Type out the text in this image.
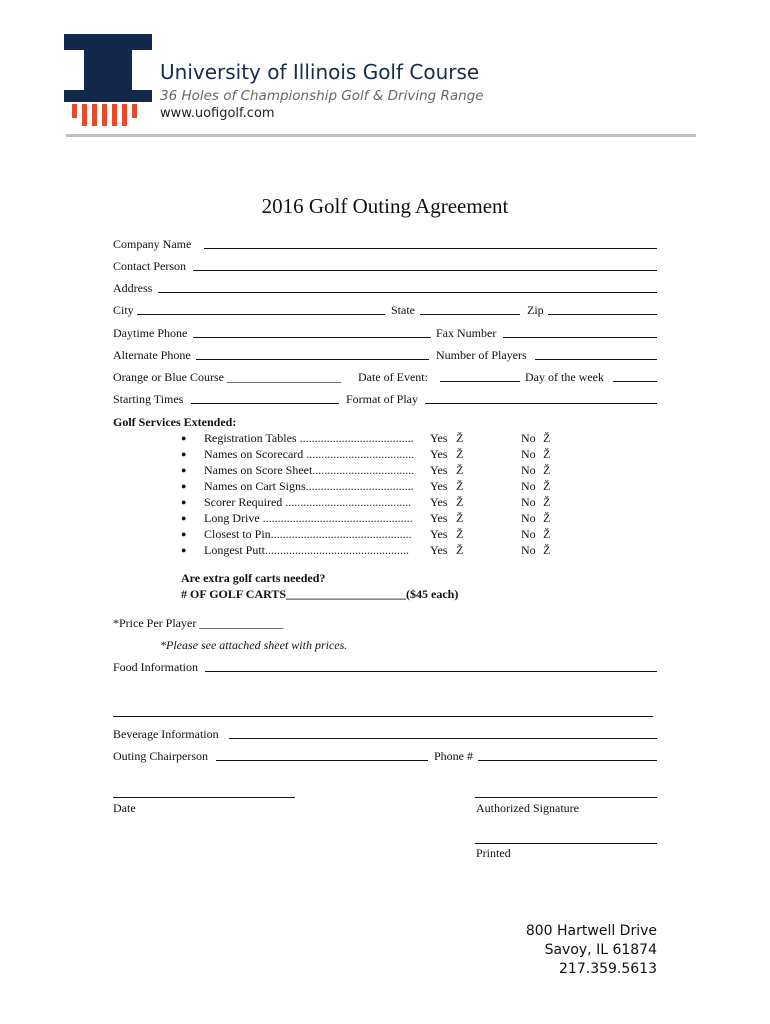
University of Illinois Golf Course
36 Holes of Championship Golf & Driving Range
www.uofigolf.com
2016 Golf Outing Agreement
Company Name
Contact Person
Address
City	State	Zip
Daytime Phone	Fax Number
Alternate Phone	Number of Players
Orange or Blue Course ___________________ Date of Event:	Day of the week
Starting Times	Format of Play
Golf Services Extended:
● Registration Tables ......................................	Yes Ž	No Ž
● Names on Scorecard ....................................	Yes Ž	No Ž
● Names on Score Sheet..................................	Yes Ž	No Ž
● Names on Cart Signs....................................	Yes Ž	No Ž
● Scorer Required ..........................................	Yes Ž	No Ž
● Long Drive ..................................................	Yes Ž	No Ž
● Closest to Pin...............................................	Yes Ž	No Ž
● Longest Putt................................................	Yes Ž	No Ž
Are extra golf carts needed?
# OF GOLF CARTS____________________($45 each)
*Price Per Player ______________
*Please see attached sheet with prices.
Food Information
Beverage Information
Outing Chairperson	Phone #
Date	Authorized Signature
Printed
800 Hartwell Drive
Savoy, IL 61874
217.359.5613
